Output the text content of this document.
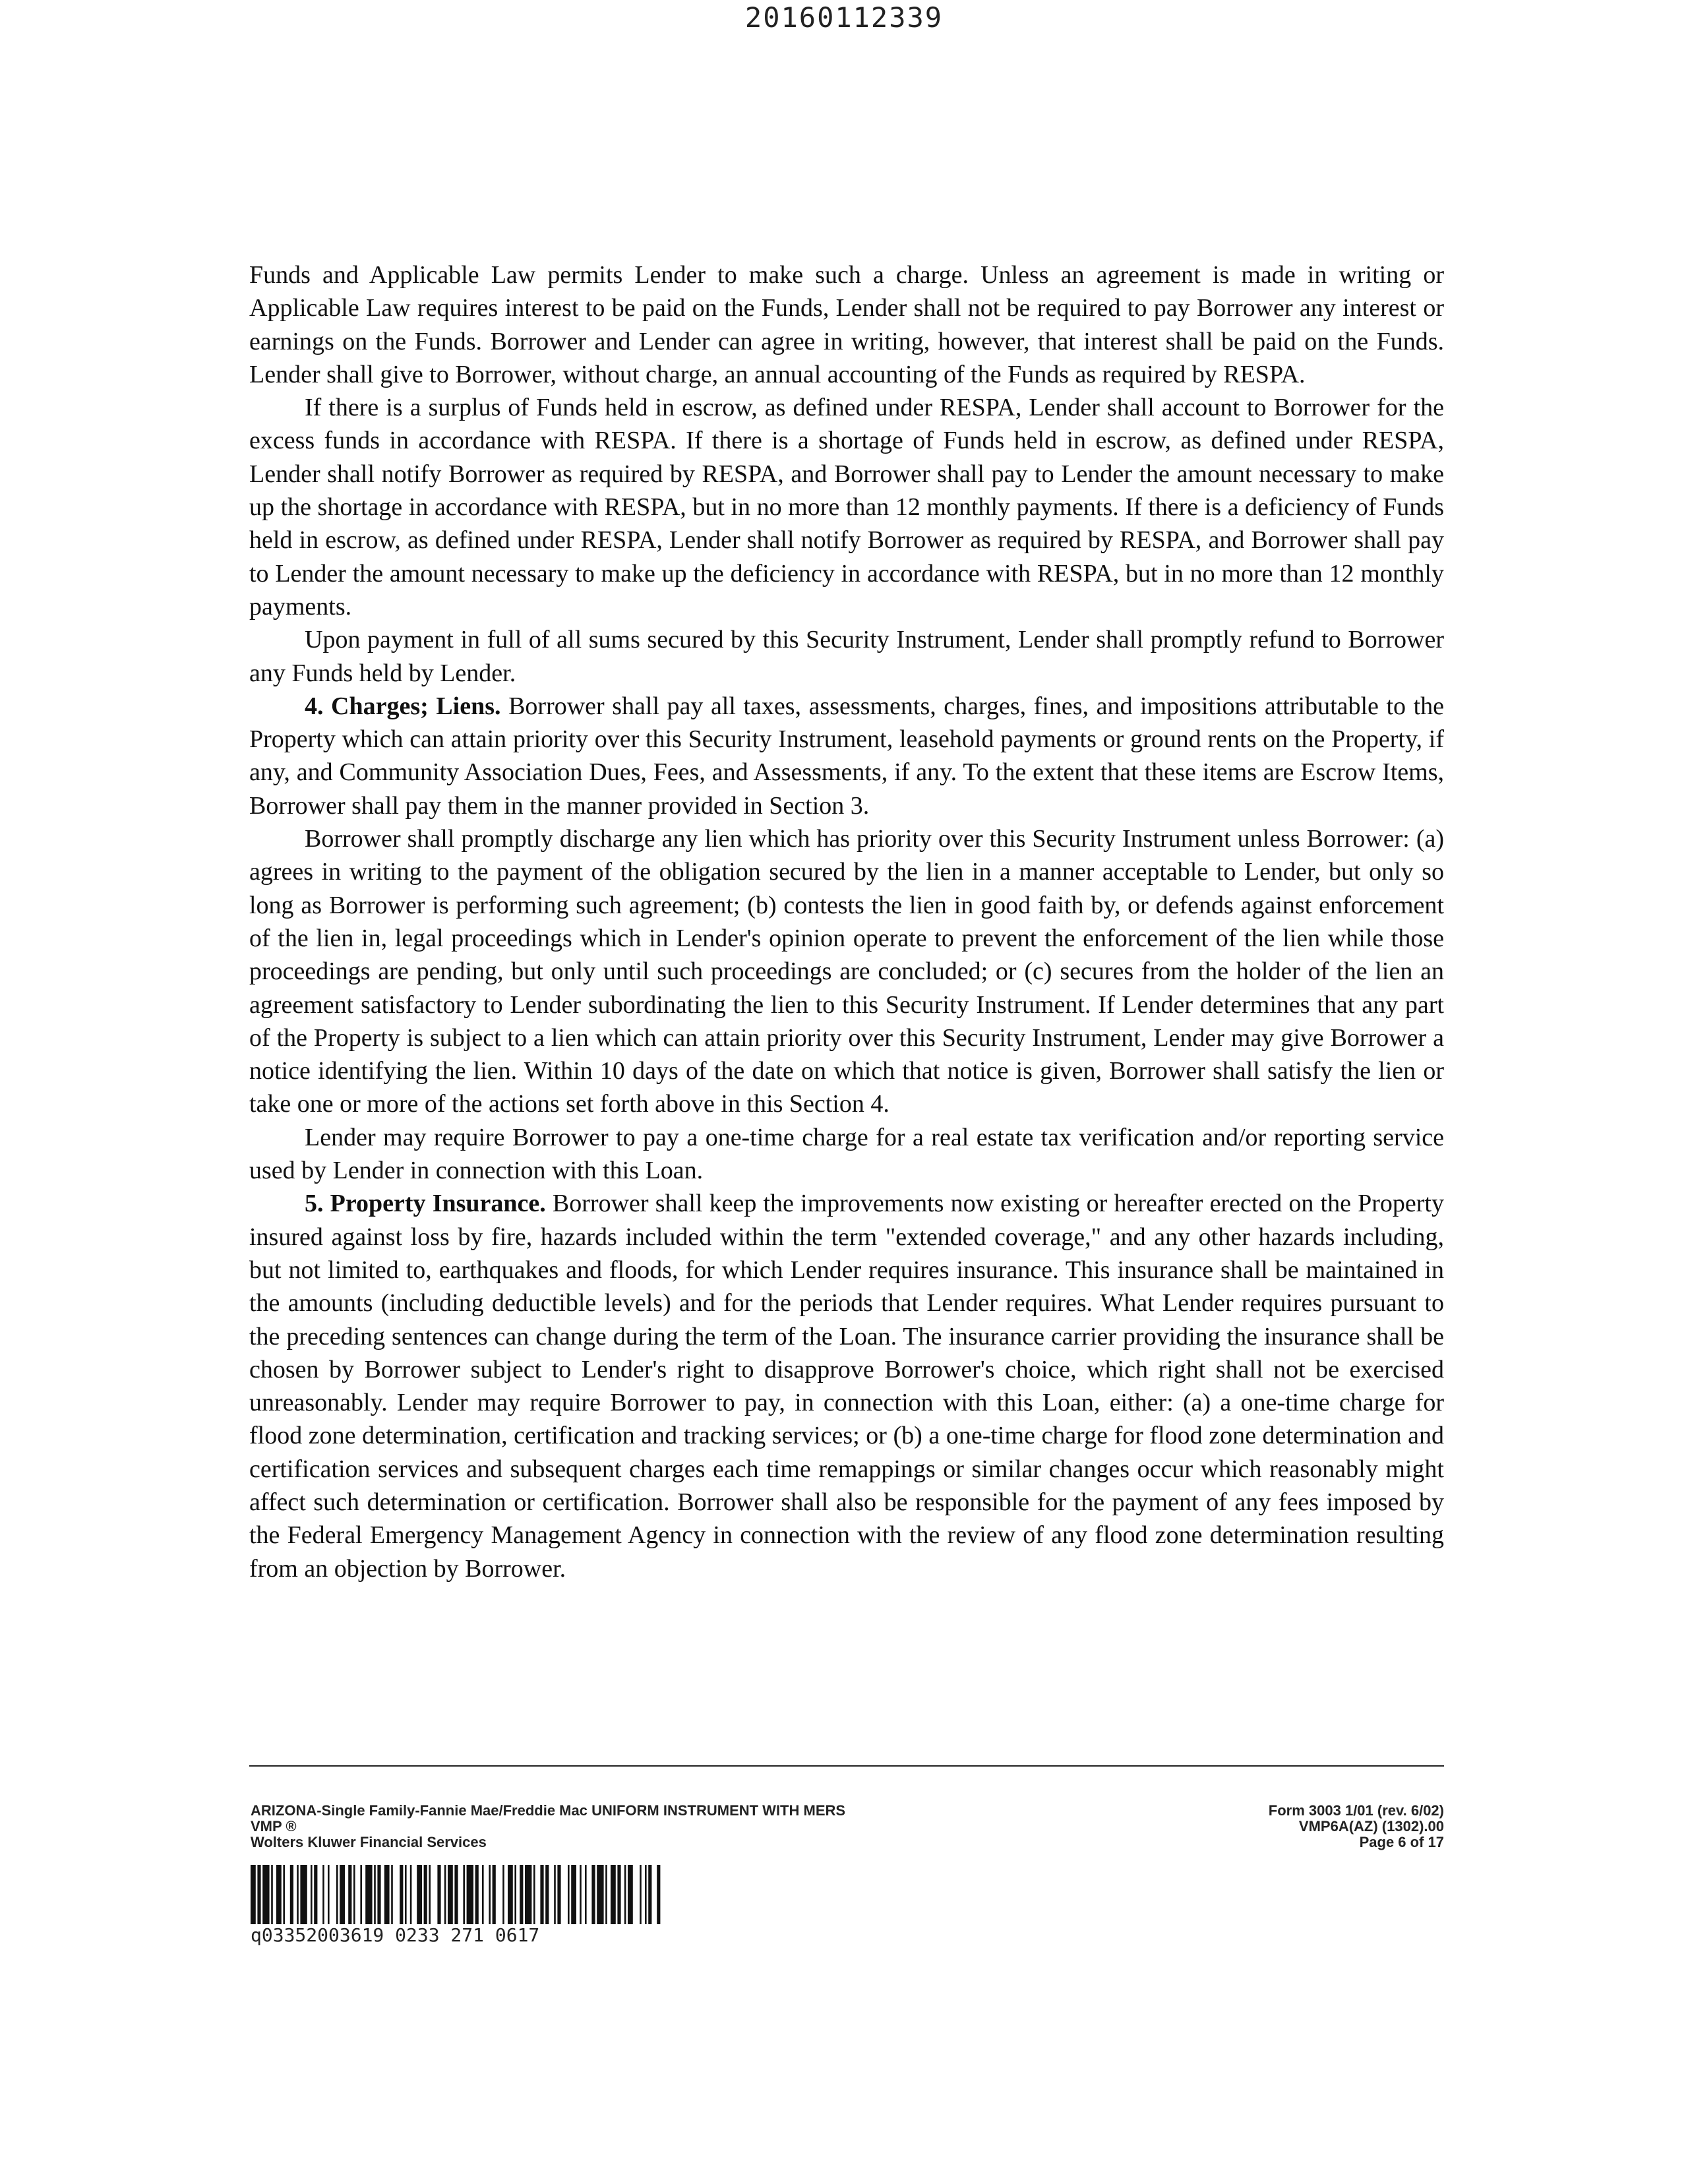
20160112339

Funds and Applicable Law permits Lender to make such a charge. Unless an agreement is made in writing or Applicable Law requires interest to be paid on the Funds, Lender shall not be required to pay Borrower any interest or earnings on the Funds. Borrower and Lender can agree in writing, however, that interest shall be paid on the Funds. Lender shall give to Borrower, without charge, an annual accounting of the Funds as required by RESPA.

If there is a surplus of Funds held in escrow, as defined under RESPA, Lender shall account to Borrower for the excess funds in accordance with RESPA. If there is a shortage of Funds held in escrow, as defined under RESPA, Lender shall notify Borrower as required by RESPA, and Borrower shall pay to Lender the amount necessary to make up the shortage in accordance with RESPA, but in no more than 12 monthly payments. If there is a deficiency of Funds held in escrow, as defined under RESPA, Lender shall notify Borrower as required by RESPA, and Borrower shall pay to Lender the amount necessary to make up the deficiency in accordance with RESPA, but in no more than 12 monthly payments.

Upon payment in full of all sums secured by this Security Instrument, Lender shall promptly refund to Borrower any Funds held by Lender.

4. Charges; Liens. Borrower shall pay all taxes, assessments, charges, fines, and impositions attributable to the Property which can attain priority over this Security Instrument, leasehold payments or ground rents on the Property, if any, and Community Association Dues, Fees, and Assessments, if any. To the extent that these items are Escrow Items, Borrower shall pay them in the manner provided in Section 3.

Borrower shall promptly discharge any lien which has priority over this Security Instrument unless Borrower: (a) agrees in writing to the payment of the obligation secured by the lien in a manner acceptable to Lender, but only so long as Borrower is performing such agreement; (b) contests the lien in good faith by, or defends against enforcement of the lien in, legal proceedings which in Lender's opinion operate to prevent the enforcement of the lien while those proceedings are pending, but only until such proceedings are concluded; or (c) secures from the holder of the lien an agreement satisfactory to Lender subordinating the lien to this Security Instrument. If Lender determines that any part of the Property is subject to a lien which can attain priority over this Security Instrument, Lender may give Borrower a notice identifying the lien. Within 10 days of the date on which that notice is given, Borrower shall satisfy the lien or take one or more of the actions set forth above in this Section 4.

Lender may require Borrower to pay a one-time charge for a real estate tax verification and/or reporting service used by Lender in connection with this Loan.

5. Property Insurance. Borrower shall keep the improvements now existing or hereafter erected on the Property insured against loss by fire, hazards included within the term "extended coverage," and any other hazards including, but not limited to, earthquakes and floods, for which Lender requires insurance. This insurance shall be maintained in the amounts (including deductible levels) and for the periods that Lender requires. What Lender requires pursuant to the preceding sentences can change during the term of the Loan. The insurance carrier providing the insurance shall be chosen by Borrower subject to Lender's right to disapprove Borrower's choice, which right shall not be exercised unreasonably. Lender may require Borrower to pay, in connection with this Loan, either: (a) a one-time charge for flood zone determination, certification and tracking services; or (b) a one-time charge for flood zone determination and certification services and subsequent charges each time remappings or similar changes occur which reasonably might affect such determination or certification. Borrower shall also be responsible for the payment of any fees imposed by the Federal Emergency Management Agency in connection with the review of any flood zone determination resulting from an objection by Borrower.

ARIZONA-Single Family-Fannie Mae/Freddie Mac UNIFORM INSTRUMENT WITH MERS
VMP ®
Wolters Kluwer Financial Services
Form 3003 1/01 (rev. 6/02)
VMP6A(AZ) (1302).00
Page 6 of 17
q03352003619 0233 271 0617
